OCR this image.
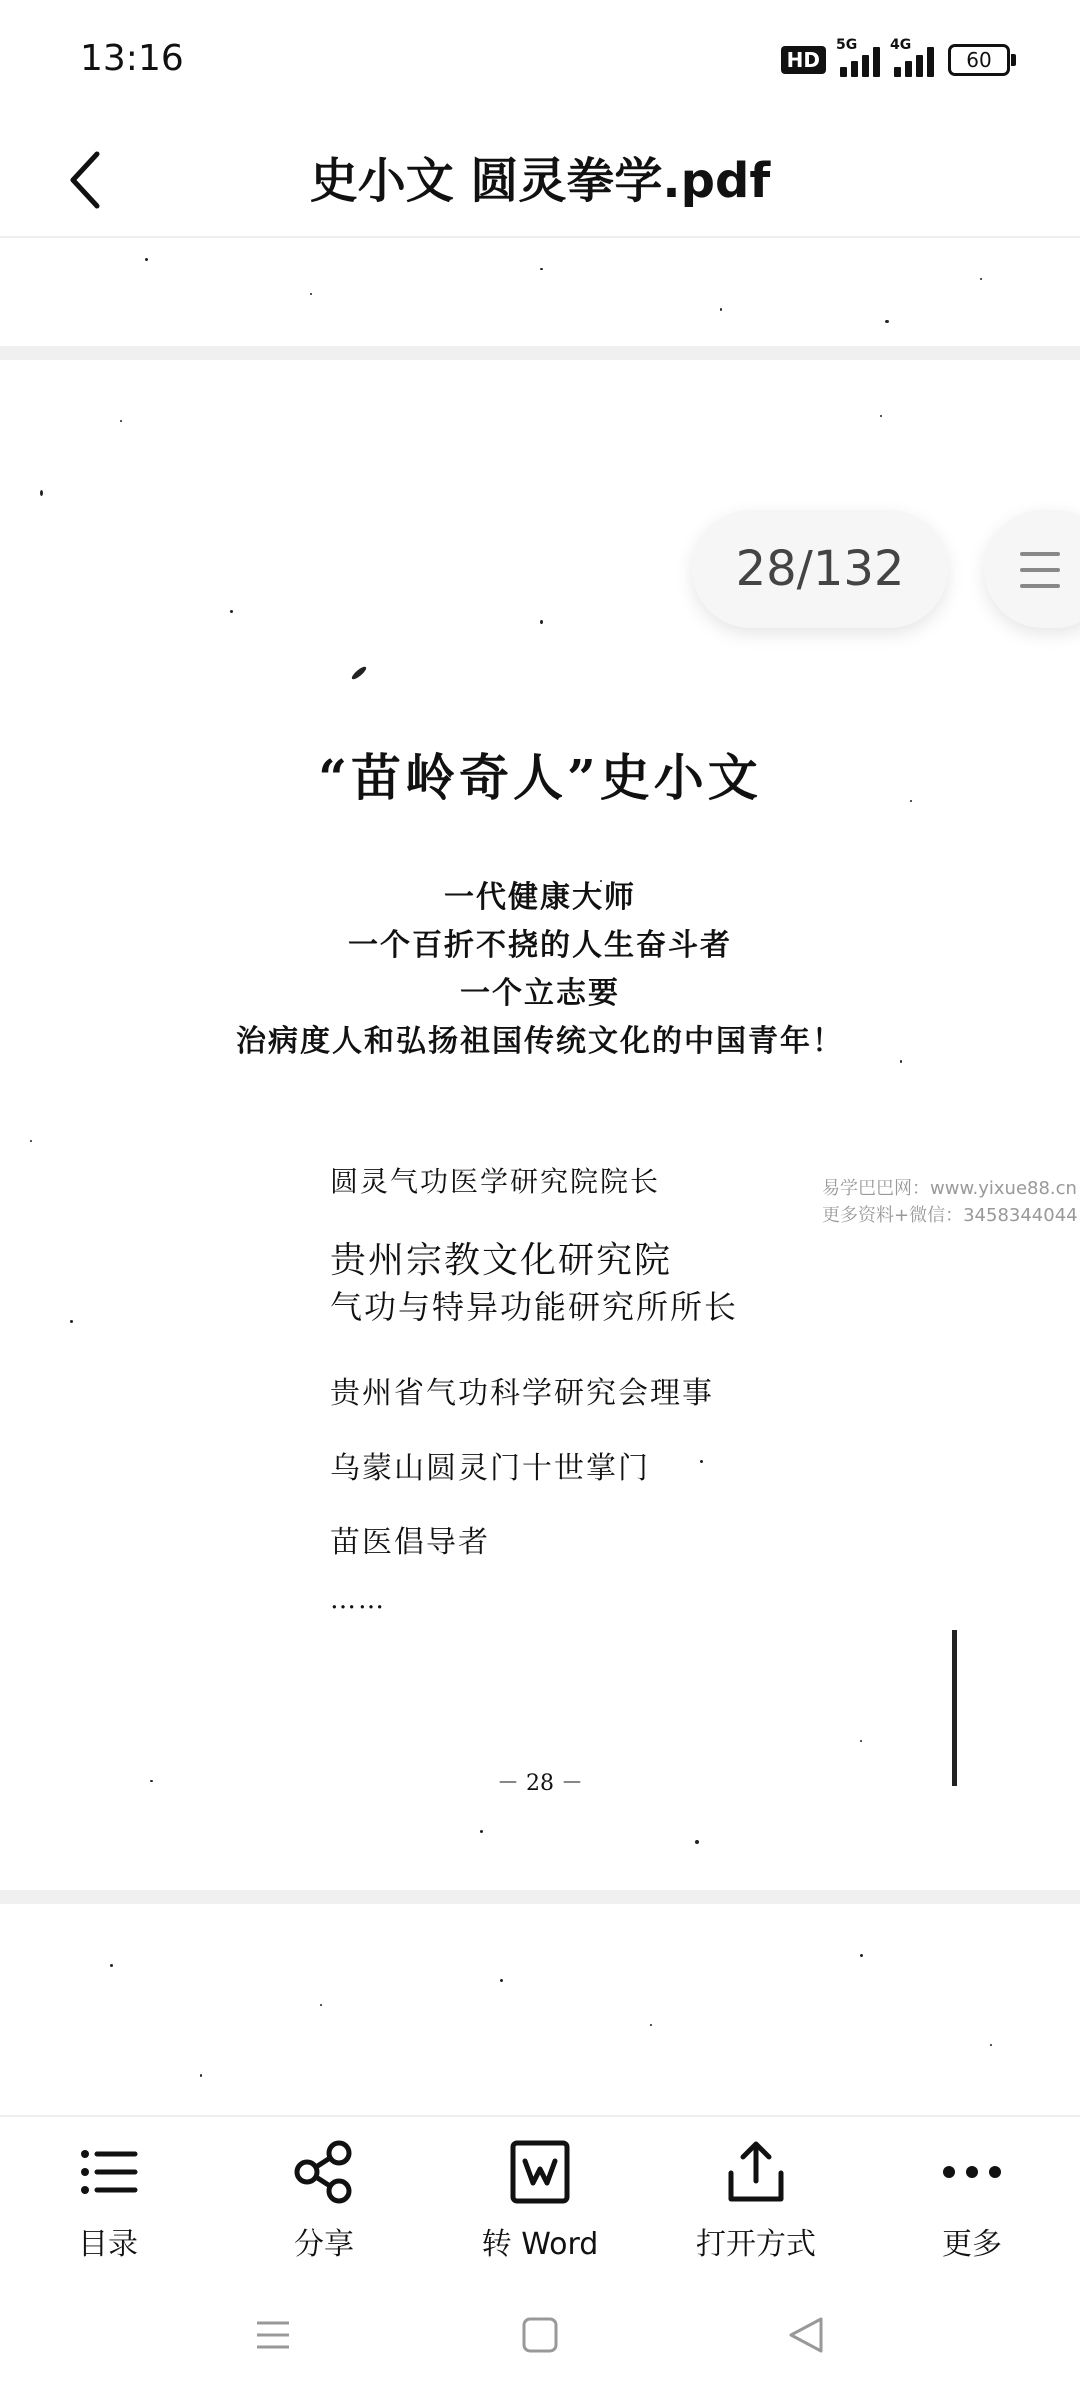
13:16	HD
5G 4G
60
史小文 圆灵拳学.pdf
“苗岭奇人”史小文
一代健康大师
一个百折不挠的人生奋斗者
一个立志要
治病度人和弘扬祖国传统文化的中国青年！
圆灵气功医学研究院院长
贵州宗教文化研究院
气功与特异功能研究所所长
贵州省气功科学研究会理事
乌蒙山圆灵门十世掌门
苗医倡导者
……
易学巴巴网：www.yixue88.cn
更多资料+微信：3458344044
－ 28 －
28/132
目录	分享	转 Word	打开方式	更多
